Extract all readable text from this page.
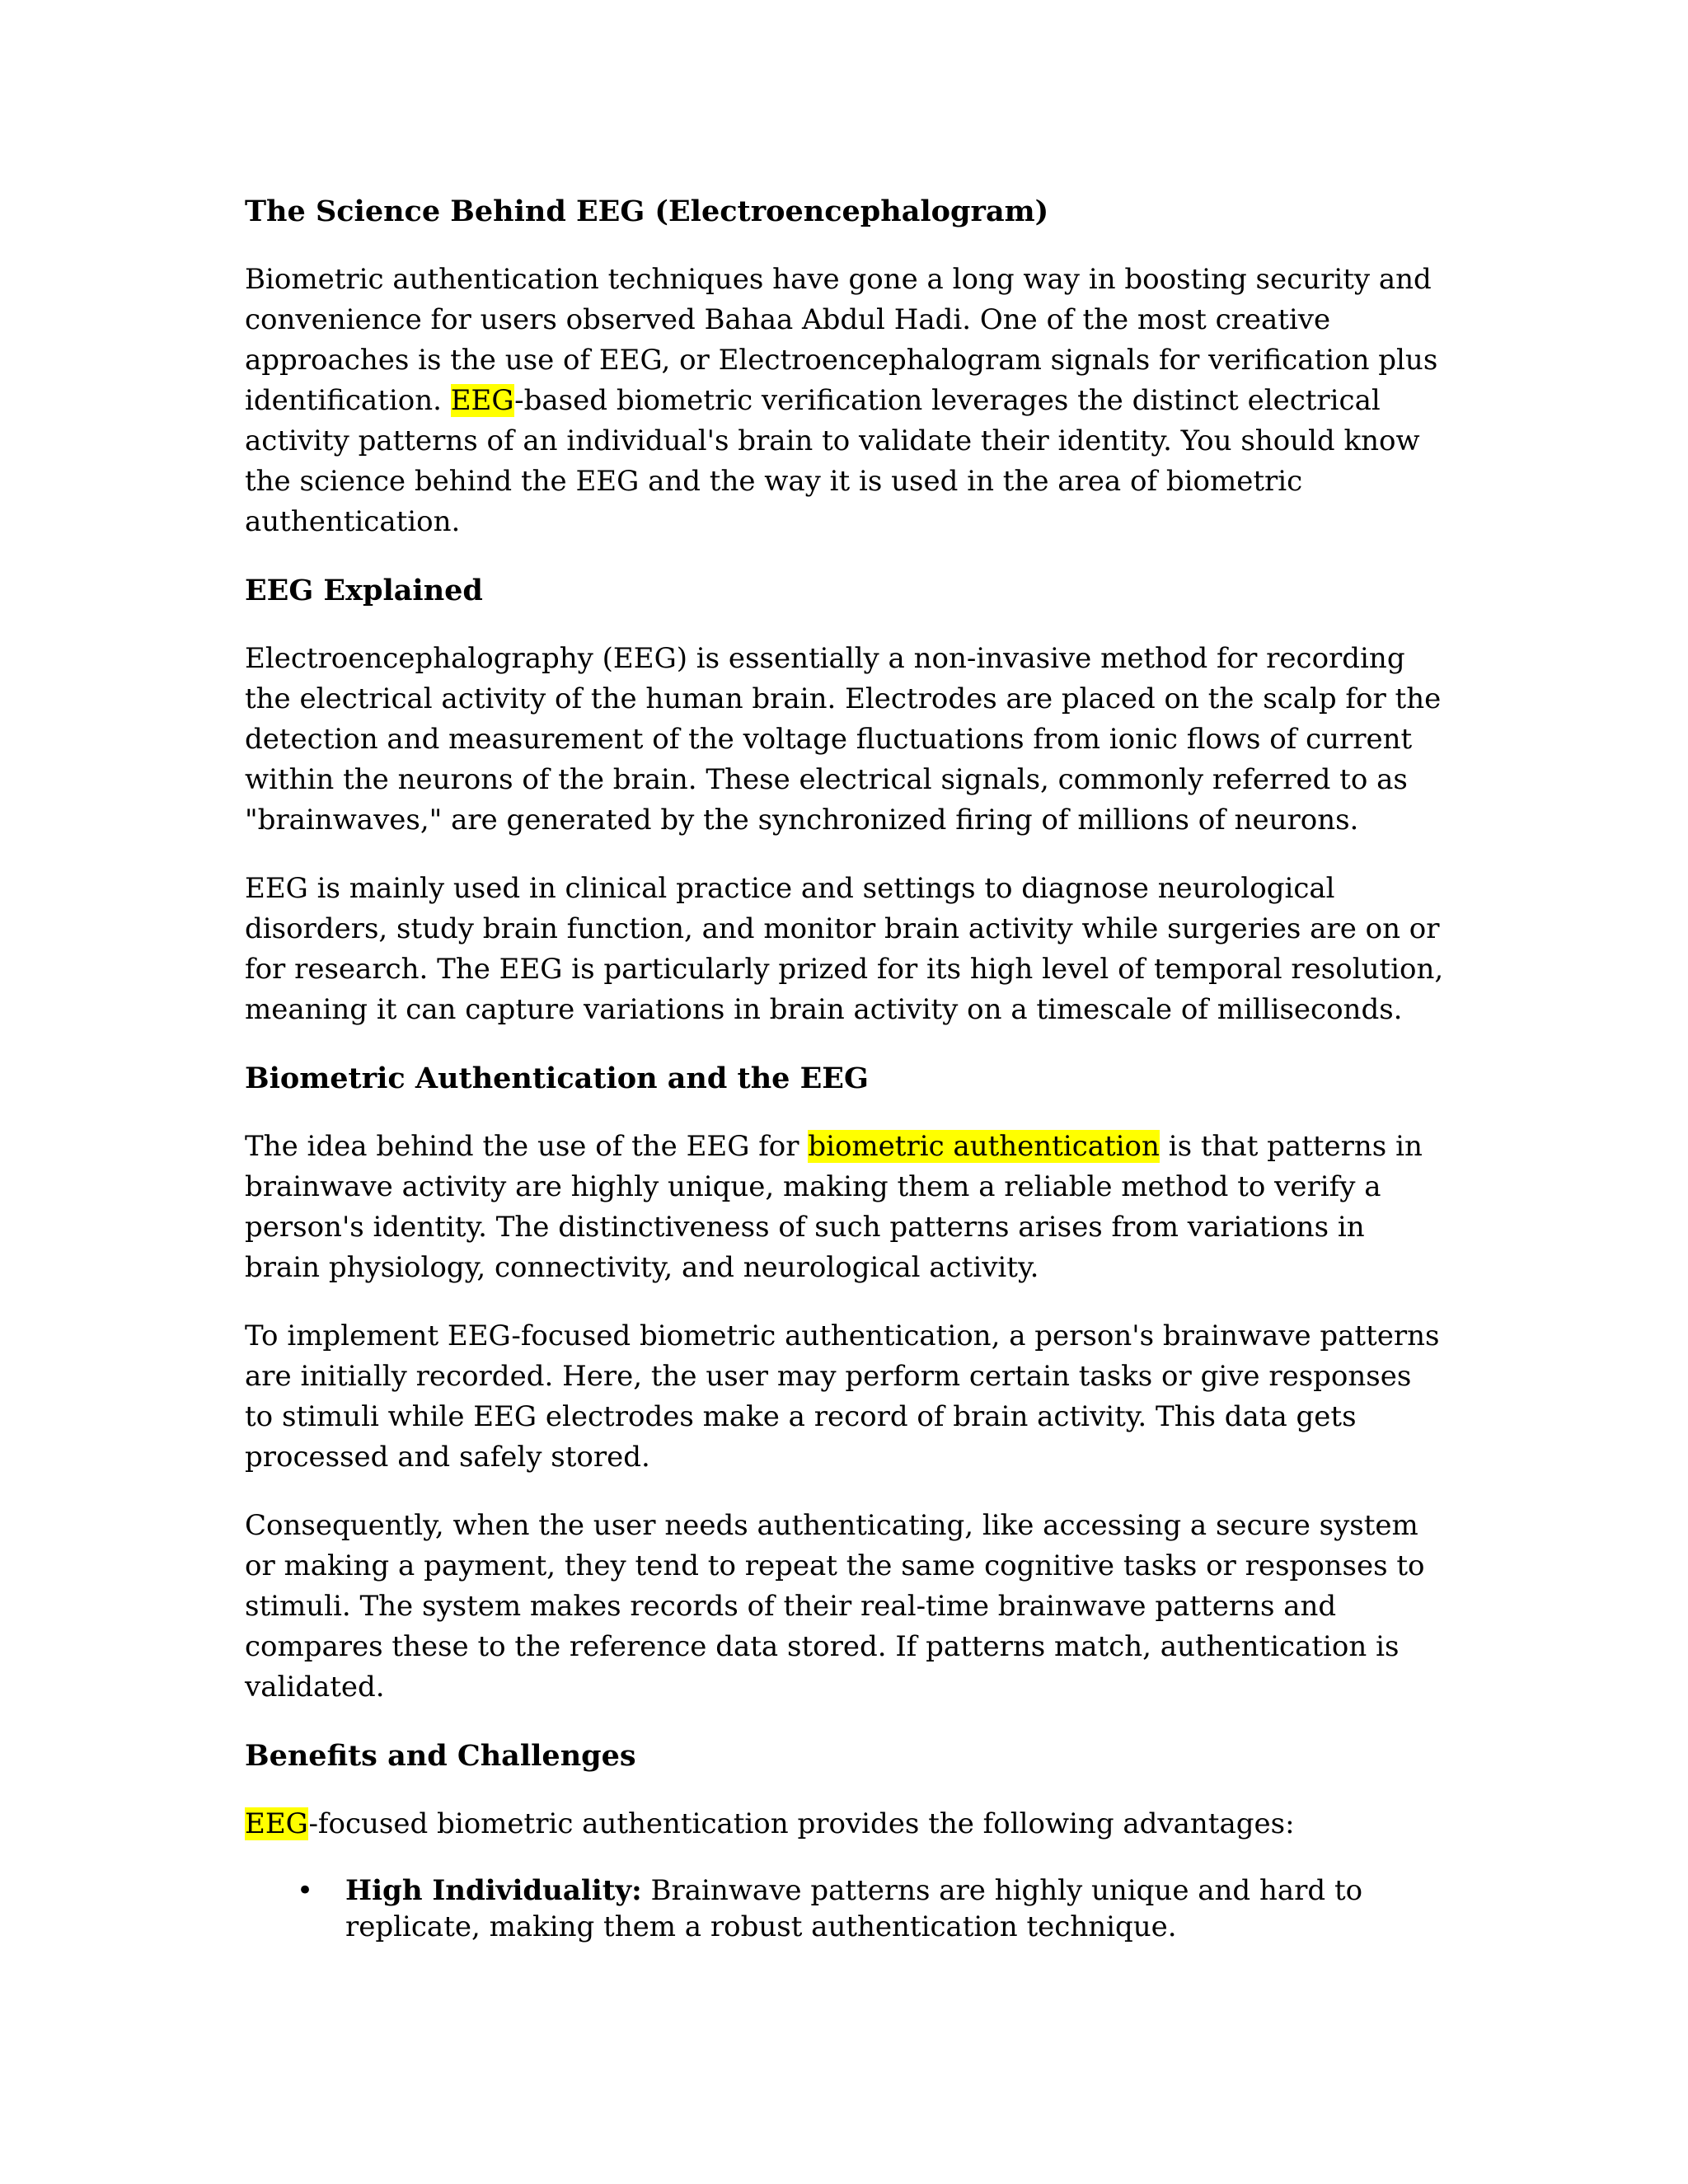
The Science Behind EEG (Electroencephalogram)

Biometric authentication techniques have gone a long way in boosting security and convenience for users observed Bahaa Abdul Hadi. One of the most creative approaches is the use of EEG, or Electroencephalogram signals for verification plus identification. EEG-based biometric verification leverages the distinct electrical activity patterns of an individual's brain to validate their identity. You should know the science behind the EEG and the way it is used in the area of biometric authentication.

EEG Explained

Electroencephalography (EEG) is essentially a non-invasive method for recording the electrical activity of the human brain. Electrodes are placed on the scalp for the detection and measurement of the voltage fluctuations from ionic flows of current within the neurons of the brain. These electrical signals, commonly referred to as "brainwaves," are generated by the synchronized firing of millions of neurons.

EEG is mainly used in clinical practice and settings to diagnose neurological disorders, study brain function, and monitor brain activity while surgeries are on or for research. The EEG is particularly prized for its high level of temporal resolution, meaning it can capture variations in brain activity on a timescale of milliseconds.

Biometric Authentication and the EEG

The idea behind the use of the EEG for biometric authentication is that patterns in brainwave activity are highly unique, making them a reliable method to verify a person's identity. The distinctiveness of such patterns arises from variations in brain physiology, connectivity, and neurological activity.

To implement EEG-focused biometric authentication, a person's brainwave patterns are initially recorded. Here, the user may perform certain tasks or give responses to stimuli while EEG electrodes make a record of brain activity. This data gets processed and safely stored.

Consequently, when the user needs authenticating, like accessing a secure system or making a payment, they tend to repeat the same cognitive tasks or responses to stimuli. The system makes records of their real-time brainwave patterns and compares these to the reference data stored. If patterns match, authentication is validated.

Benefits and Challenges

EEG-focused biometric authentication provides the following advantages:

• High Individuality: Brainwave patterns are highly unique and hard to replicate, making them a robust authentication technique.
